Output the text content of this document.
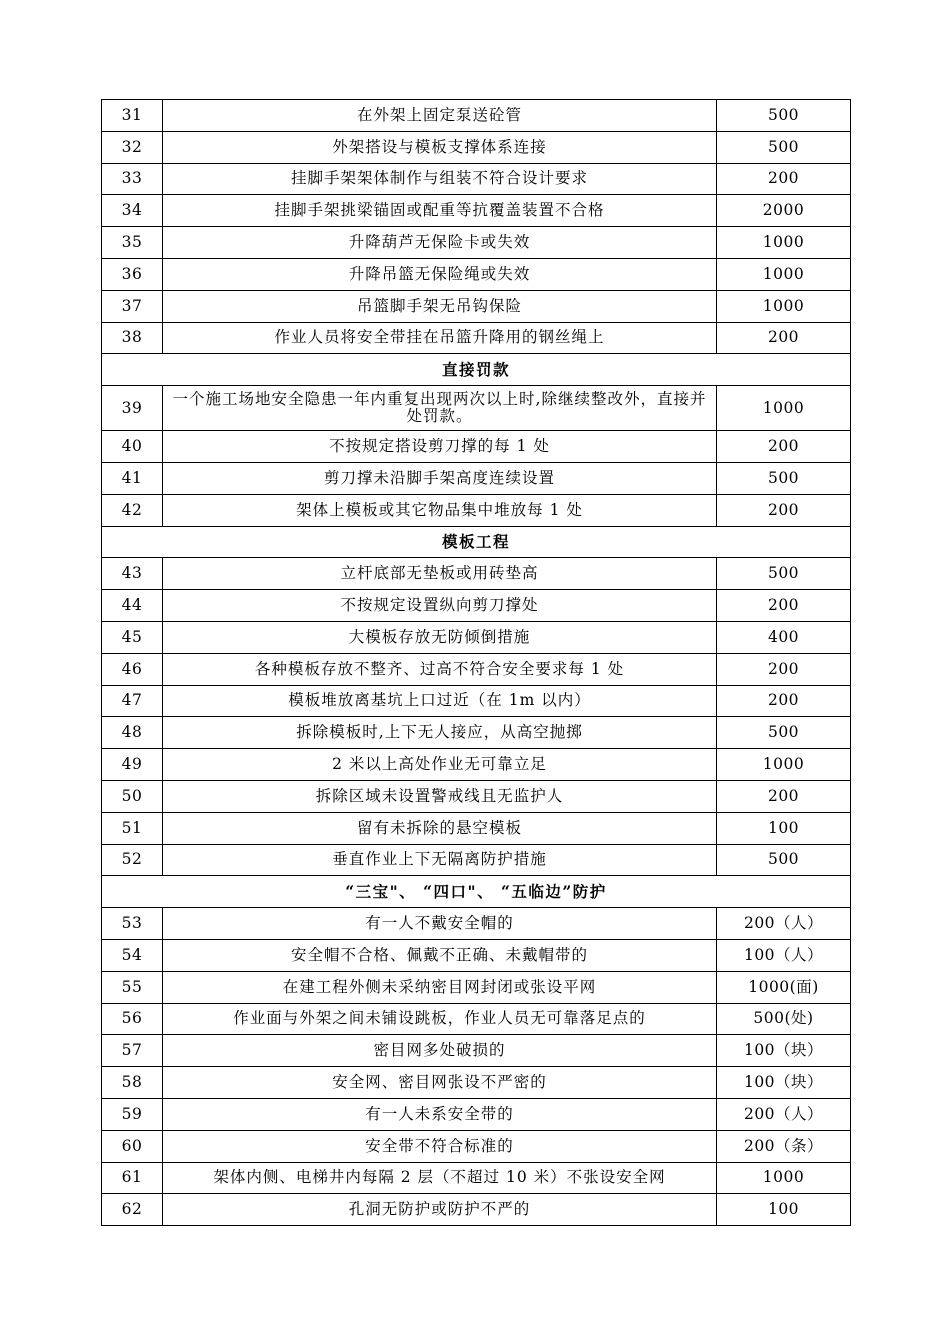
31	在外架上固定泵送砼管	500
32	外架搭设与模板支撑体系连接	500
33	挂脚手架架体制作与组装不符合设计要求	200
34	挂脚手架挑梁锚固或配重等抗覆盖装置不合格	2000
35	升降葫芦无保险卡或失效	1000
36	升降吊篮无保险绳或失效	1000
37	吊篮脚手架无吊钩保险	1000
38	作业人员将安全带挂在吊篮升降用的钢丝绳上	200
直接罚款		
39	一个施工场地安全隐患一年内重复出现两次以上时,除继续整改外，直接并处罚款。	1000
40	不按规定搭设剪刀撑的每 1 处	200
41	剪刀撑未沿脚手架高度连续设置	500
42	架体上模板或其它物品集中堆放每 1 处	200
模板工程		
43	立杆底部无垫板或用砖垫高	500
44	不按规定设置纵向剪刀撑处	200
45	大模板存放无防倾倒措施	400
46	各种模板存放不整齐、过高不符合安全要求每 1 处	200
47	模板堆放离基坑上口过近（在 1m 以内）	200
48	拆除模板时,上下无人接应，从高空抛掷	500
49	2 米以上高处作业无可靠立足	1000
50	拆除区域未设置警戒线且无监护人	200
51	留有未拆除的悬空模板	100
52	垂直作业上下无隔离防护措施	500
“三宝"、 “四口"、 “五临边”防护		
53	有一人不戴安全帽的	200（人）
54	安全帽不合格、佩戴不正确、未戴帽带的	100（人）
55	在建工程外侧未采纳密目网封闭或张设平网	1000(面)
56	作业面与外架之间未铺设跳板，作业人员无可靠落足点的	500(处)
57	密目网多处破损的	100（块）
58	安全网、密目网张设不严密的	100（块）
59	有一人未系安全带的	200（人）
60	安全带不符合标准的	200（条）
61	架体内侧、电梯井内每隔 2 层（不超过 10 米）不张设安全网	1000
62	孔洞无防护或防护不严的	100
